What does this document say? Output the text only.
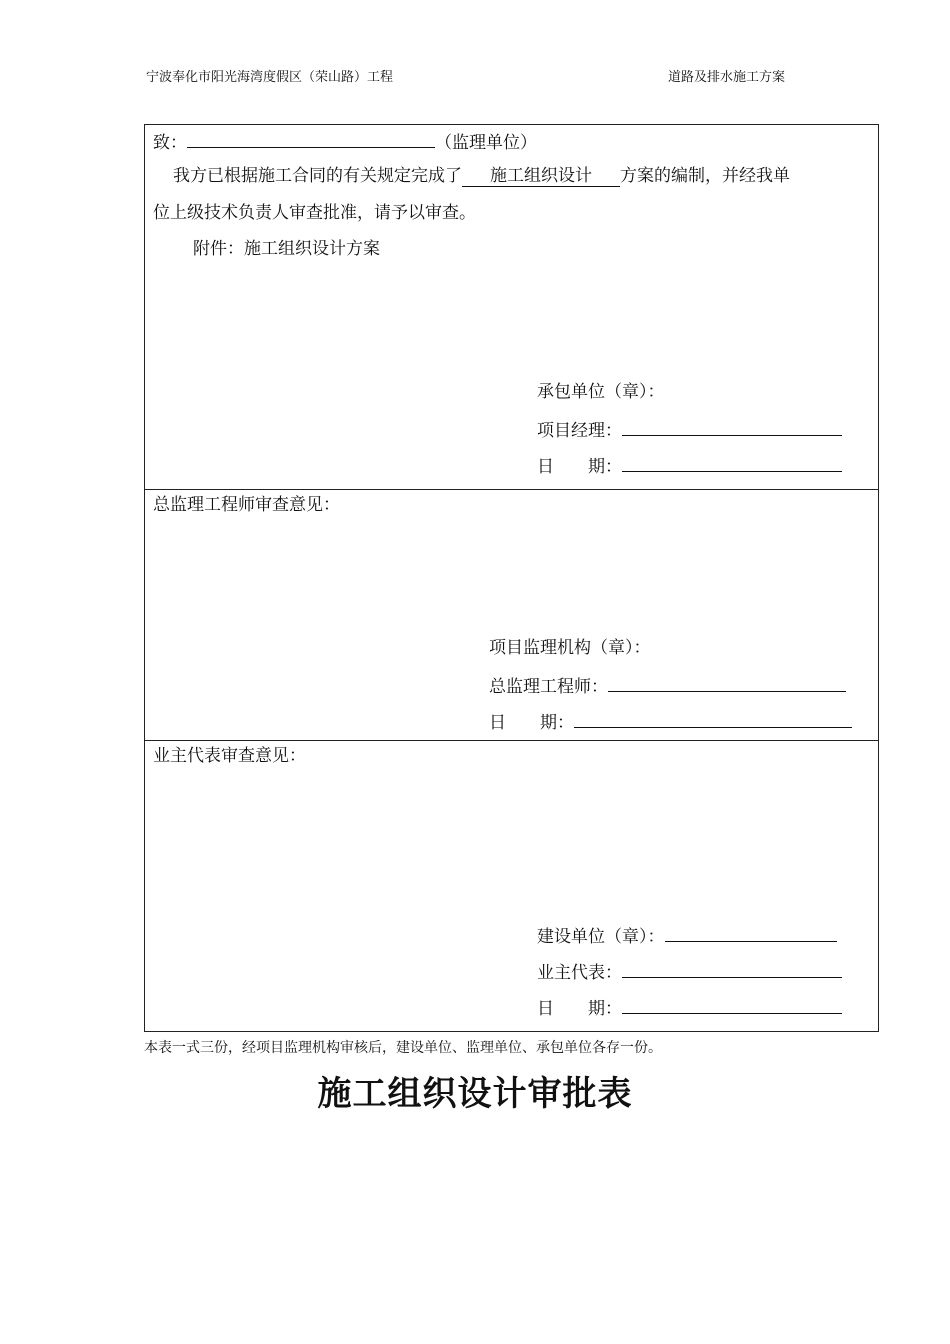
宁波奉化市阳光海湾度假区（荣山路）工程	道路及排水施工方案
致：	（监理单位）
我方已根据施工合同的有关规定完成了 施工组织设计 方案的编制，并经我单
位上级技术负责人审查批准，请予以审查。
附件：施工组织设计方案
承包单位（章）：
项目经理：
日　　期：
总监理工程师审查意见：
项目监理机构（章）：
总监理工程师：
日　　期：
业主代表审查意见：
建设单位（章）：
业主代表：
日　　期：
本表一式三份，经项目监理机构审核后，建设单位、监理单位、承包单位各存一份。
施工组织设计审批表
